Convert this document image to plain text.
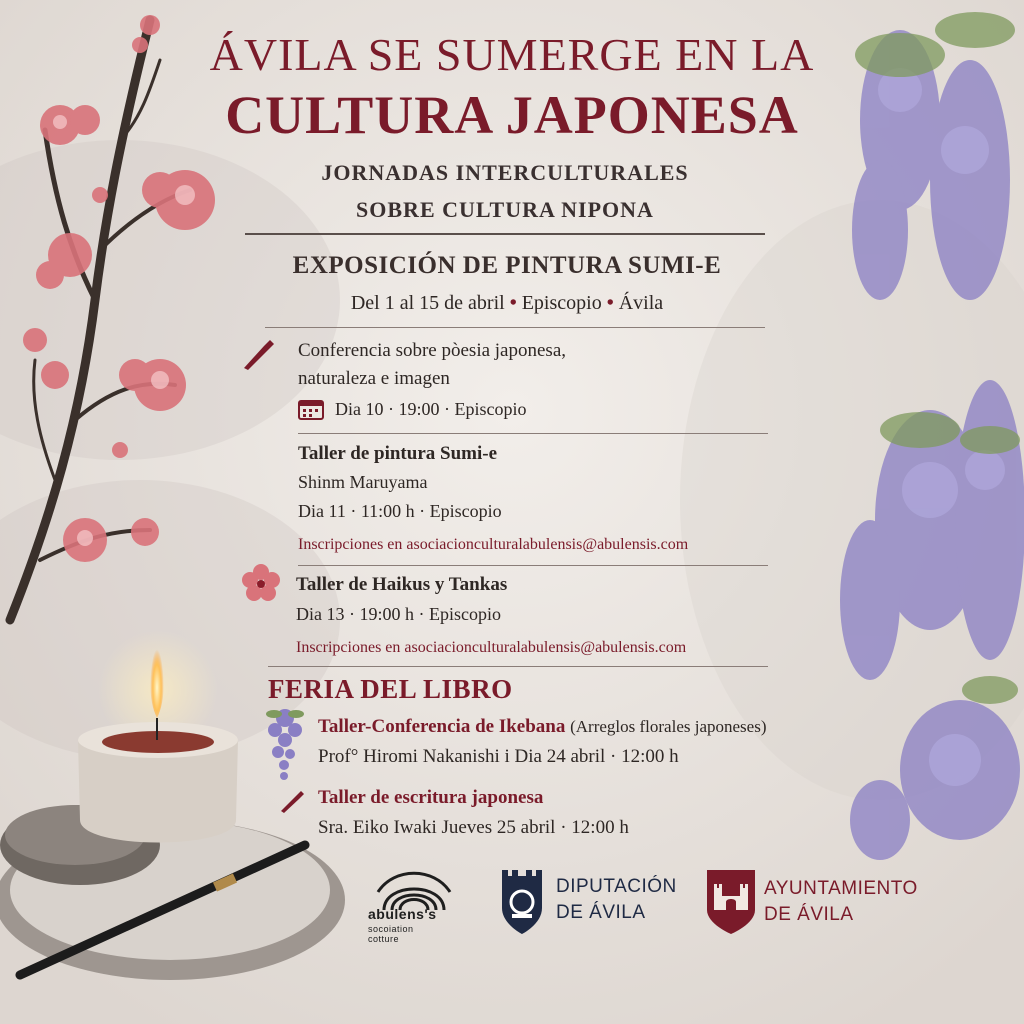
ÁVILA SE SUMERGE EN LA
CULTURA JAPONESA
JORNADAS INTERCULTURALES
SOBRE CULTURA NIPONA
EXPOSICIÓN DE PINTURA SUMI-E
Del 1 al 15 de abril • Episcopio • Ávila
Conferencia sobre pòesia japonesa,
naturaleza e imagen
Dia 10 · 19:00 · Episcopio
Taller de pintura Sumi-e
Shinm Maruyama
Dia 11 · 11:00 h · Episcopio
Inscripciones en asociacionculturalabulensis@abulensis.com
Taller de Haikus y Tankas
Dia 13 · 19:00 h · Episcopio
Inscripciones en asociacionculturalabulensis@abulensis.com
FERIA DEL LIBRO
Taller-Conferencia de Ikebana (Arreglos florales japoneses)
Prof° Hiromi Nakanishi i Dia 24 abril · 12:00 h
Taller de escritura japonesa
Sra. Eiko Iwaki Jueves 25 abril · 12:00 h
abulens's
socoiation
cotture
DIPUTACIÓN
DE ÁVILA
AYUNTAMIENTO
DE ÁVILA
